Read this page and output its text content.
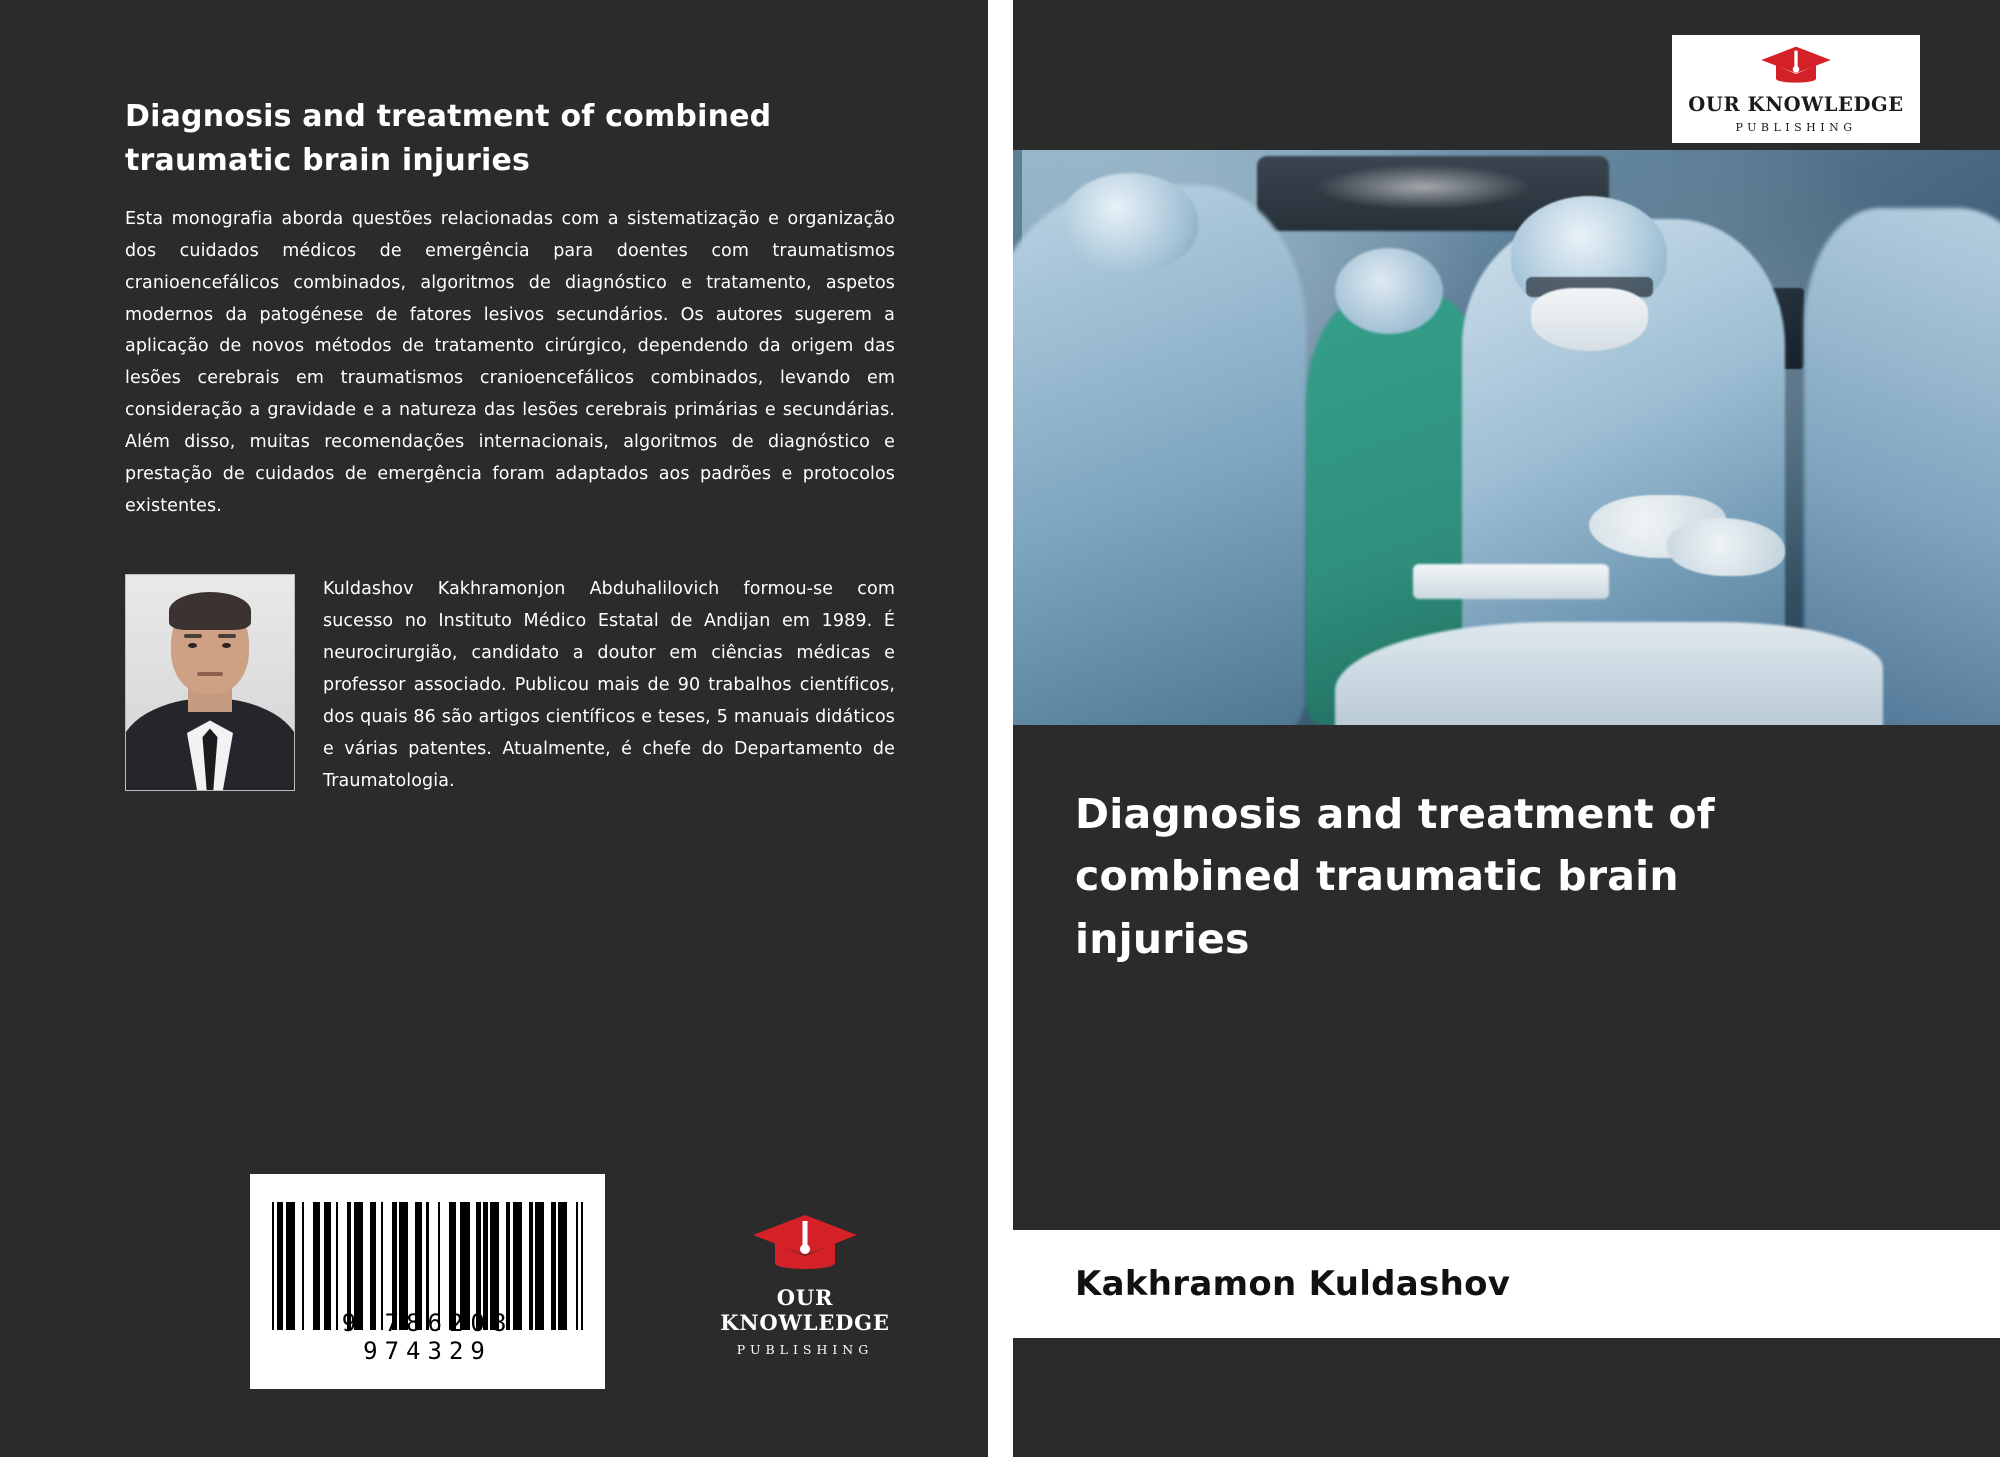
Diagnosis and treatment of combined
traumatic brain injuries
Esta monografia aborda questões relacionadas com a sistematização e organização dos cuidados médicos de emergência para doentes com traumatismos cranioencefálicos combinados, algoritmos de diagnóstico e tratamento, aspetos modernos da patogénese de fatores lesivos secundários. Os autores sugerem a aplicação de novos métodos de tratamento cirúrgico, dependendo da origem das lesões cerebrais em traumatismos cranioencefálicos combinados, levando em consideração a gravidade e a natureza das lesões cerebrais primárias e secundárias. Além disso, muitas recomendações internacionais, algoritmos de diagnóstico e prestação de cuidados de emergência foram adaptados aos padrões e protocolos existentes.
Kuldashov Kakhramonjon Abduhalilovich formou-se com sucesso no Instituto Médico Estatal de Andijan em 1989. É neurocirurgião, candidato a doutor em ciências médicas e professor associado. Publicou mais de 90 trabalhos científicos, dos quais 86 são artigos científicos e teses, 5 manuais didáticos e várias patentes. Atualmente, é chefe do Departamento de Traumatologia.
9 786208 974329
OUR KNOWLEDGE
PUBLISHING
OUR KNOWLEDGE
PUBLISHING
Diagnosis and treatment of combined traumatic brain injuries
Kakhramon Kuldashov
